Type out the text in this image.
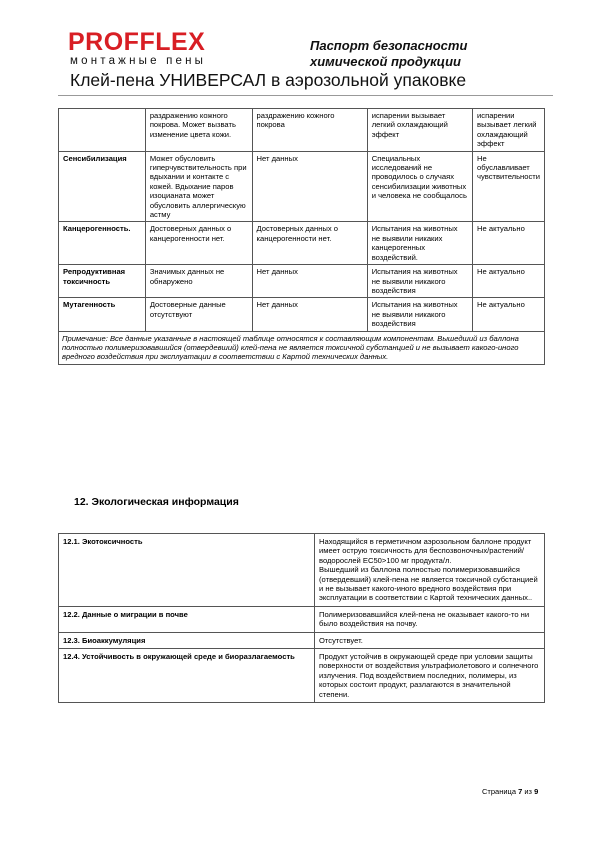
PROFFLEX
монтажные пены
Паспорт безопасности
химической продукции
Клей-пена УНИВЕРСАЛ в аэрозольной упаковке
	раздражению кожного покрова. Может вызвать изменение цвета кожи.	раздражению кожного покрова	испарении вызывает легкий охлаждающий эффект	испарении вызывает легкий охлаждающий эффект
Сенсибилизация	Может обусловить гиперчувствительность при вдыхании и контакте с кожей. Вдыхание паров изоцианата может обусловить аллергическую астму	Нет данных	Специальных исследований не проводилось о случаях сенсибилизации животных и человека не сообщалось	Не обуславливает чувствительности
Канцерогенность.	Достоверных данных о канцерогенности нет.	Достоверных данных о канцерогенности нет.	Испытания на животных не выявили никаких канцерогенных воздействий.	Не актуально
Репродуктивная токсичность	Значимых данных не обнаружено	Нет данных	Испытания на животных не выявили никакого воздействия	Не актуально
Мутагенность	Достоверные данные отсутствуют	Нет данных	Испытания на животных не выявили никакого воздействия	Не актуально
Примечание: Все данные указанные в настоящей таблице относятся к составляющим компонентам. Вышедший из баллона полностью полимеризовавшийся (отвердевший) клей-пена не является токсичной субстанцией и не вызывает какого-иного вредного воздействия при эксплуатации в соответствии с Картой технических данных.				
12. Экологическая информация
12.1. Экотоксичность	Находящийся в герметичном аэрозольном баллоне продукт имеет острую токсичность для беспозвоночных/растений/водорослей ЕС50>100 мг продукта/л.
Вышедший из баллона полностью полимеризовавшийся (отвердевший) клей-пена не является токсичной субстанцией и не вызывает какого-иного вредного воздействия при эксплуатации в соответствии с Картой технических данных..
12.2. Данные о миграции в почве	Полимеризовавшийся клей-пена не оказывает какого-то ни было воздействия на почву.
12.3. Биоаккумуляция	Отсутствует.
12.4. Устойчивость в окружающей среде и биоразлагаемость	Продукт устойчив в окружающей среде при условии защиты поверхности от воздействия ультрафиолетового и солнечного излучения. Под воздействием последних, полимеры, из которых состоит продукт, разлагаются в значительной степени.
Страница 7 из 9
